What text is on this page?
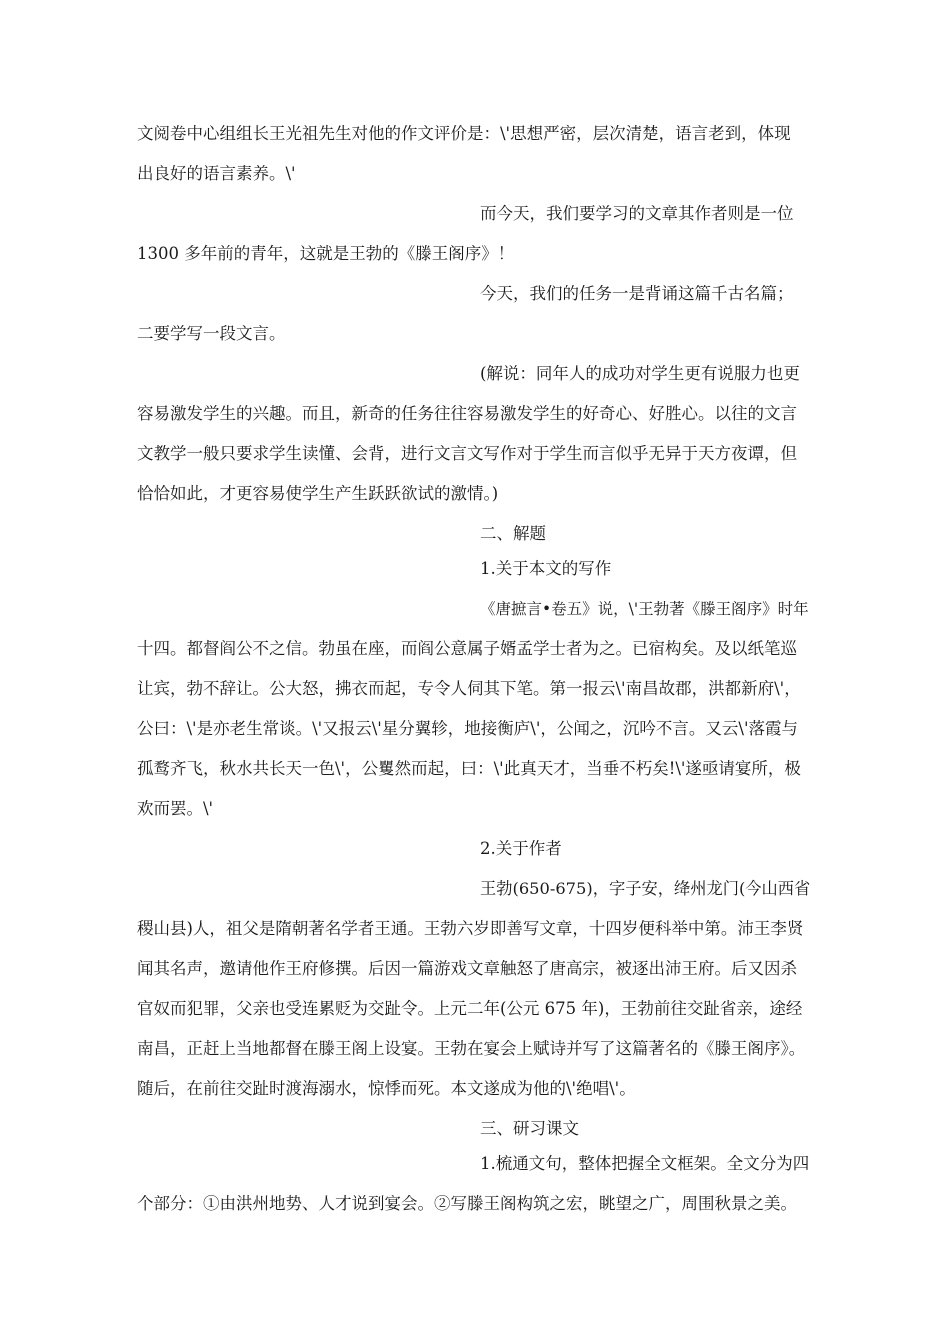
文阅卷中心组组长王光祖先生对他的作文评价是：\'思想严密，层次清楚，语言老到，体现
出良好的语言素养。\'
而今天，我们要学习的文章其作者则是一位
1300 多年前的青年，这就是王勃的《滕王阁序》！
今天，我们的任务一是背诵这篇千古名篇；
二要学写一段文言。
(解说：同年人的成功对学生更有说服力也更
容易激发学生的兴趣。而且，新奇的任务往往容易激发学生的好奇心、好胜心。以往的文言
文教学一般只要求学生读懂、会背，进行文言文写作对于学生而言似乎无异于天方夜谭，但
恰恰如此，才更容易使学生产生跃跃欲试的激情。)
二、解题
1.关于本文的写作
《唐摭言•卷五》说，\'王勃著《滕王阁序》时年
十四。都督阎公不之信。勃虽在座，而阎公意属子婿孟学士者为之。已宿构矣。及以纸笔巡
让宾，勃不辞让。公大怒，拂衣而起，专令人伺其下笔。第一报云\'南昌故郡，洪都新府\'，
公曰：\'是亦老生常谈。\'又报云\'星分翼轸，地接衡庐\'，公闻之，沉吟不言。又云\'落霞与
孤鹜齐飞，秋水共长天一色\'，公矍然而起，曰：\'此真天才，当垂不朽矣!\'遂亟请宴所，极
欢而罢。\'
2.关于作者
王勃(650-675)，字子安，绛州龙门(今山西省
稷山县)人，祖父是隋朝著名学者王通。王勃六岁即善写文章，十四岁便科举中第。沛王李贤
闻其名声，邀请他作王府修撰。后因一篇游戏文章触怒了唐高宗，被逐出沛王府。后又因杀
官奴而犯罪，父亲也受连累贬为交趾令。上元二年(公元 675 年)，王勃前往交趾省亲，途经
南昌，正赶上当地都督在滕王阁上设宴。王勃在宴会上赋诗并写了这篇著名的《滕王阁序》。
随后，在前往交趾时渡海溺水，惊悸而死。本文遂成为他的\'绝唱\'。
三、研习课文
1.梳通文句，整体把握全文框架。全文分为四
个部分：①由洪州地势、人才说到宴会。②写滕王阁构筑之宏，眺望之广，周围秋景之美。
